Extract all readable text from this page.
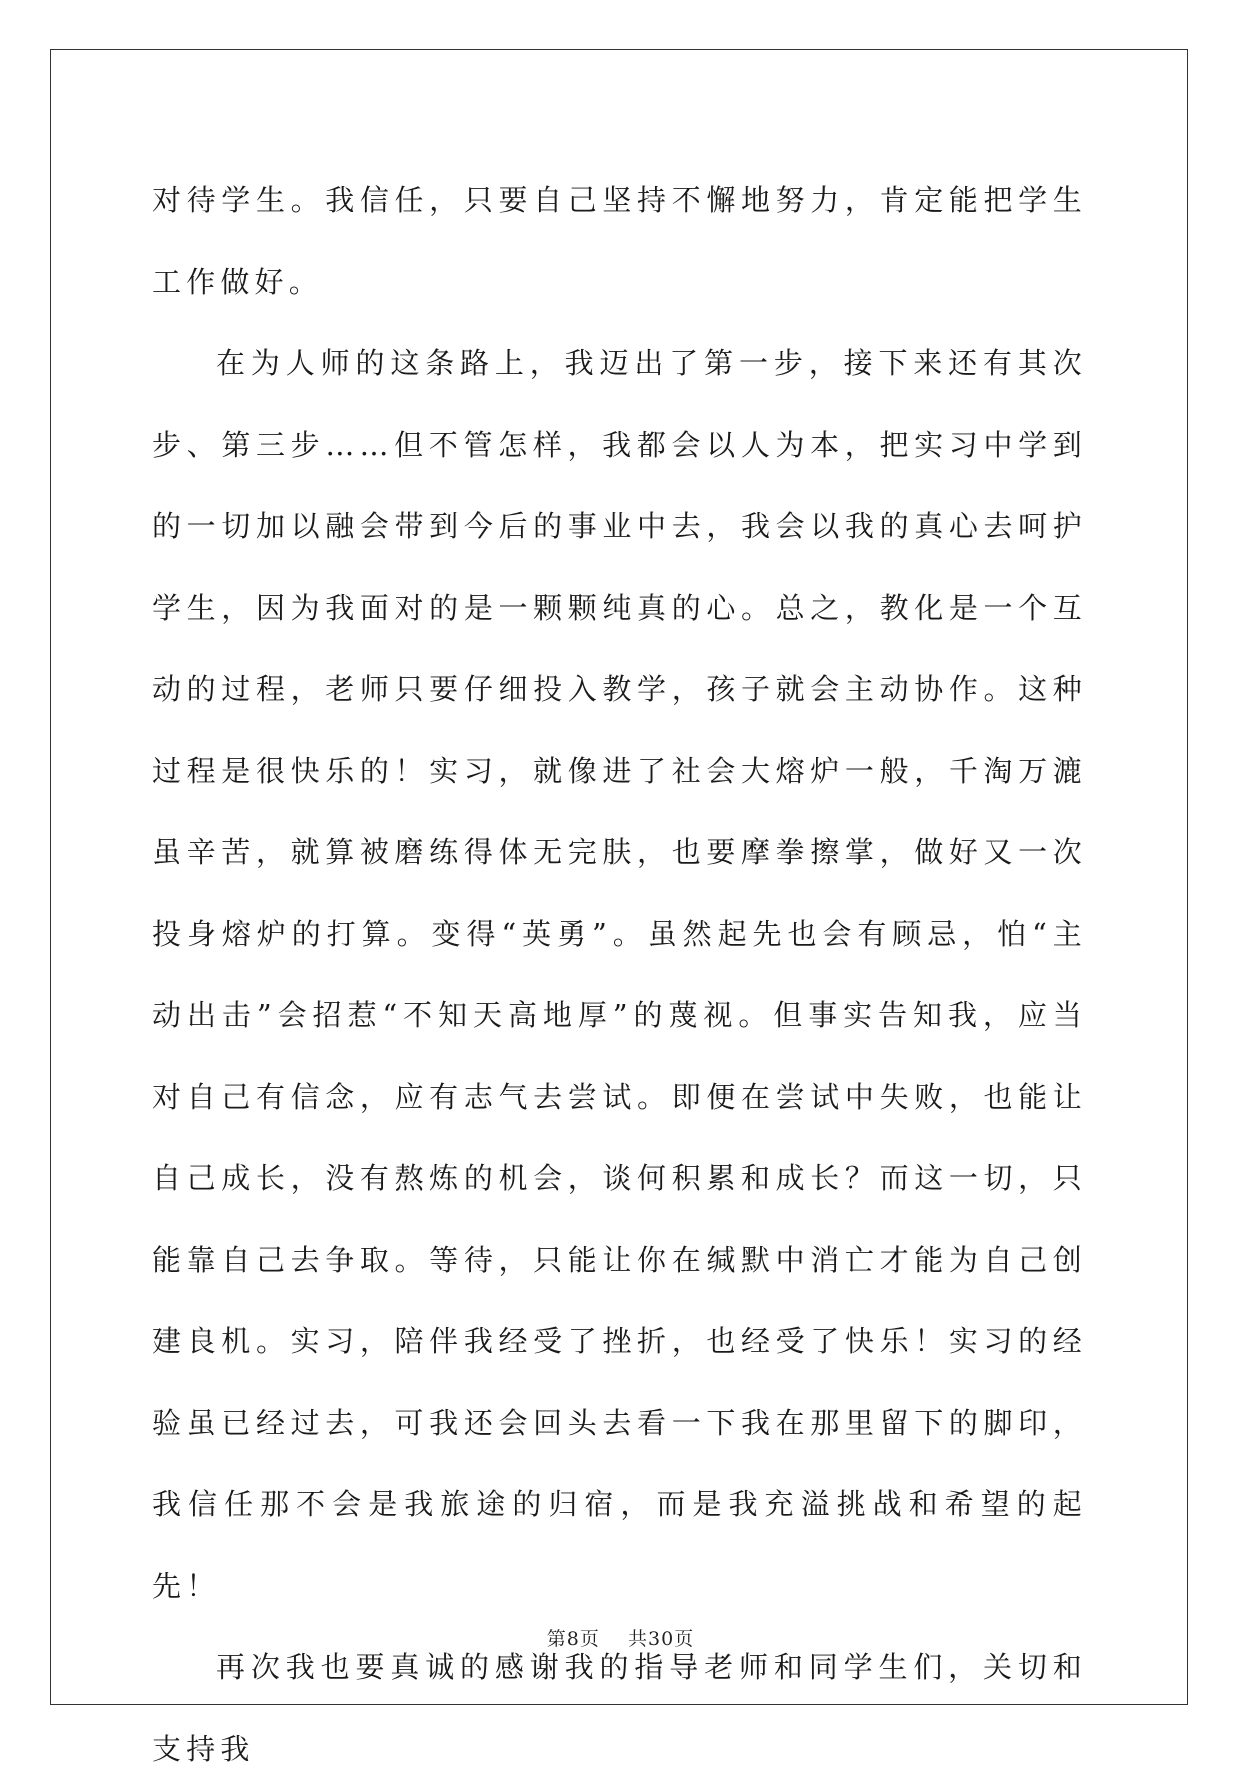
对待学生。我信任，只要自己坚持不懈地努力，肯定能把学生工作做好。

在为人师的这条路上，我迈出了第一步，接下来还有其次步、第三步……但不管怎样，我都会以人为本，把实习中学到的一切加以融会带到今后的事业中去，我会以我的真心去呵护学生，因为我面对的是一颗颗纯真的心。总之，教化是一个互动的过程，老师只要仔细投入教学，孩子就会主动协作。这种过程是很快乐的！实习，就像进了社会大熔炉一般，千淘万漉虽辛苦，就算被磨练得体无完肤，也要摩拳擦掌，做好又一次投身熔炉的打算。变得“英勇”。虽然起先也会有顾忌，怕“主动出击”会招惹“不知天高地厚”的蔑视。但事实告知我，应当对自己有信念，应有志气去尝试。即便在尝试中失败，也能让自己成长，没有熬炼的机会，谈何积累和成长？而这一切，只能靠自己去争取。等待，只能让你在缄默中消亡才能为自己创建良机。实习，陪伴我经受了挫折，也经受了快乐！实习的经验虽已经过去，可我还会回头去看一下我在那里留下的脚印，我信任那不会是我旅途的归宿，而是我充溢挑战和希望的起先！

再次我也要真诚的感谢我的指导老师和同学生们，关切和支持我

第8页 共30页
